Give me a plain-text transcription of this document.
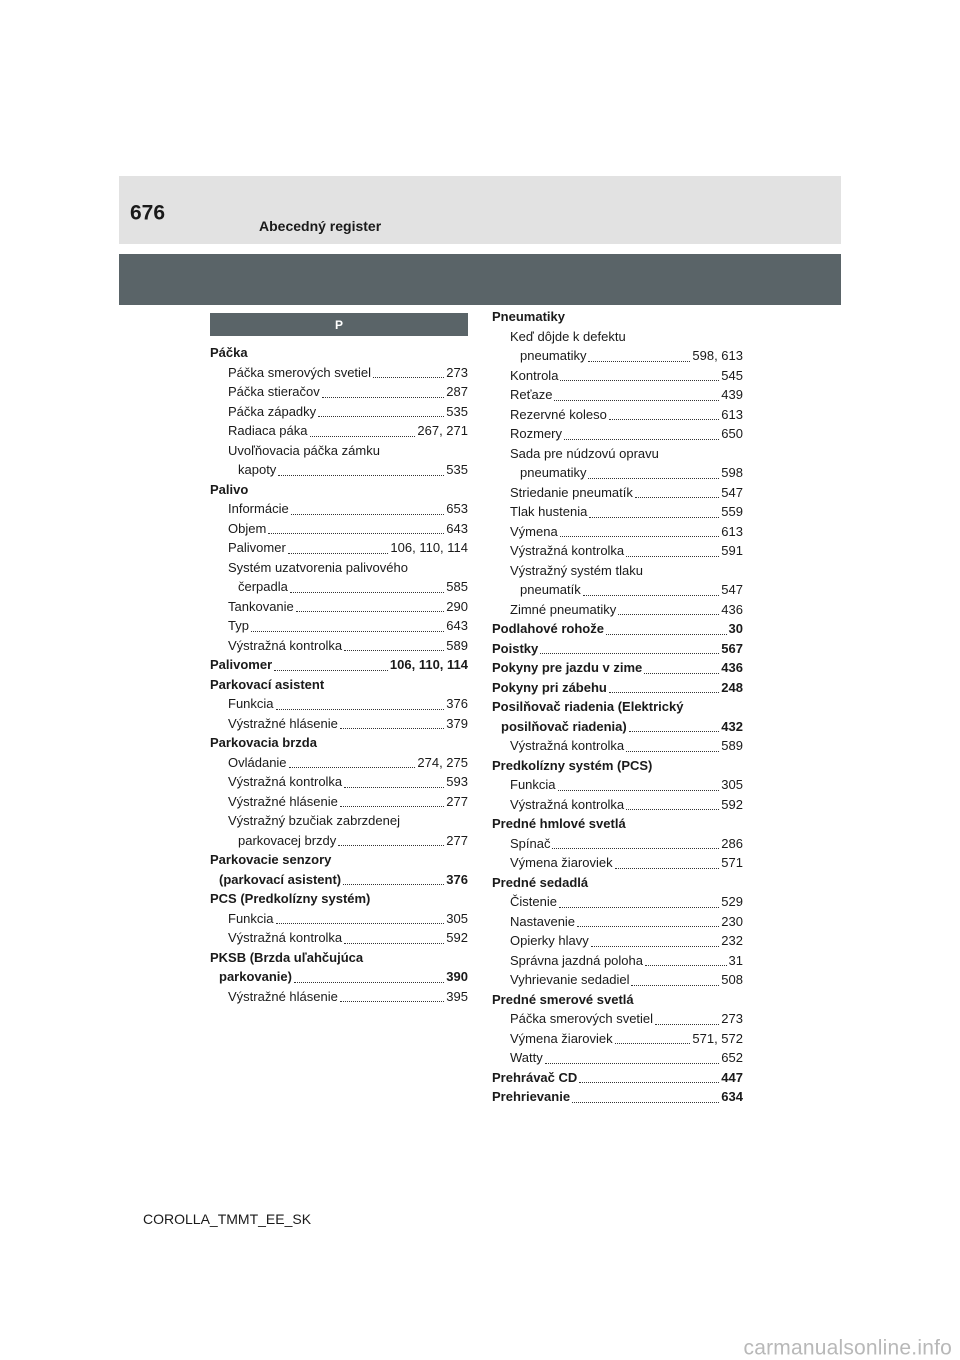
676
Abecedný register
P
Páčka
Páčka smerových svetiel	273
Páčka stieračov	287
Páčka západky	535
Radiaca páka	267, 271
Uvoľňovacia páčka zámku
kapoty	535
Palivo
Informácie	653
Objem	643
Palivomer	106, 110, 114
Systém uzatvorenia palivového
čerpadla	585
Tankovanie	290
Typ	643
Výstražná kontrolka	589
Palivomer	106, 110, 114
Parkovací asistent
Funkcia	376
Výstražné hlásenie	379
Parkovacia brzda
Ovládanie	274, 275
Výstražná kontrolka	593
Výstražné hlásenie	277
Výstražný bzučiak zabrzdenej
parkovacej brzdy	277
Parkovacie senzory
(parkovací asistent)	376
PCS (Predkolízny systém)
Funkcia	305
Výstražná kontrolka	592
PKSB (Brzda uľahčujúca
parkovanie)	390
Výstražné hlásenie	395
Pneumatiky
Keď dôjde k defektu
pneumatiky	598, 613
Kontrola	545
Reťaze	439
Rezervné koleso	613
Rozmery	650
Sada pre núdzovú opravu
pneumatiky	598
Striedanie pneumatík	547
Tlak hustenia	559
Výmena	613
Výstražná kontrolka	591
Výstražný systém tlaku
pneumatík	547
Zimné pneumatiky	436
Podlahové rohože	30
Poistky	567
Pokyny pre jazdu v zime	436
Pokyny pri zábehu	248
Posilňovač riadenia (Elektrický
posilňovač riadenia)	432
Výstražná kontrolka	589
Predkolízny systém (PCS)
Funkcia	305
Výstražná kontrolka	592
Predné hmlové svetlá
Spínač	286
Výmena žiaroviek	571
Predné sedadlá
Čistenie	529
Nastavenie	230
Opierky hlavy	232
Správna jazdná poloha	31
Vyhrievanie sedadiel	508
Predné smerové svetlá
Páčka smerových svetiel	273
Výmena žiaroviek	571, 572
Watty	652
Prehrávač CD	447
Prehrievanie	634
COROLLA_TMMT_EE_SK
carmanualsonline.info
